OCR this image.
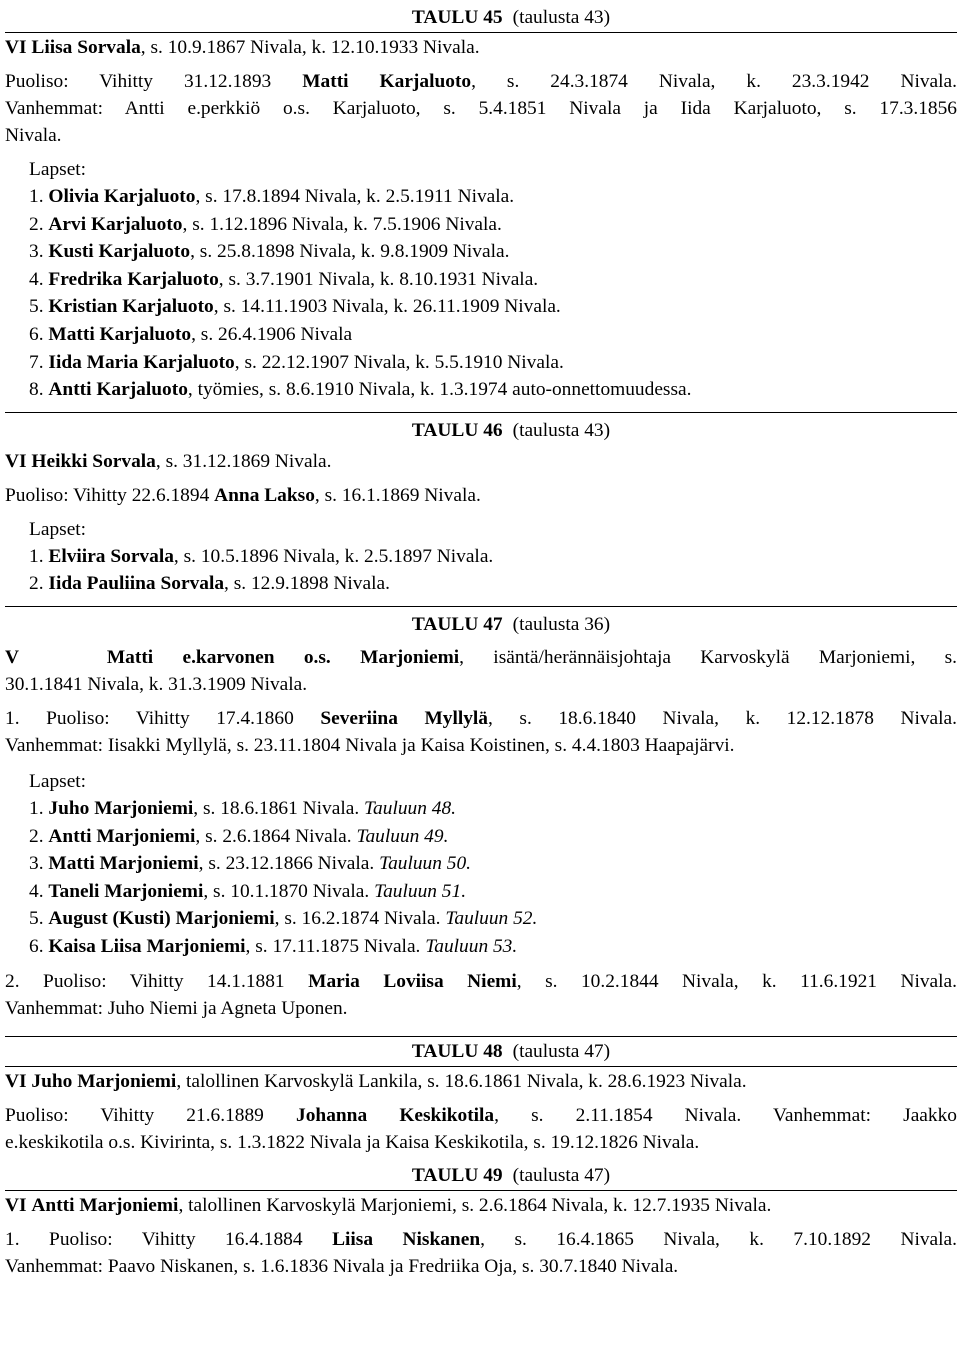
TAULU 45 (taulusta 43)

VI Liisa Sorvala, s. 10.9.1867 Nivala, k. 12.10.1933 Nivala.

Puoliso: Vihitty 31.12.1893 Matti Karjaluoto, s. 24.3.1874 Nivala, k. 23.3.1942 Nivala.

Vanhemmat: Antti e.perkkiö o.s. Karjaluoto, s. 5.4.1851 Nivala ja Iida Karjaluoto, s. 17.3.1856

Nivala.

Lapset:

1. Olivia Karjaluoto, s. 17.8.1894 Nivala, k. 2.5.1911 Nivala.
2. Arvi Karjaluoto, s. 1.12.1896 Nivala, k. 7.5.1906 Nivala.
3. Kusti Karjaluoto, s. 25.8.1898 Nivala, k. 9.8.1909 Nivala.
4. Fredrika Karjaluoto, s. 3.7.1901 Nivala, k. 8.10.1931 Nivala.
5. Kristian Karjaluoto, s. 14.11.1903 Nivala, k. 26.11.1909 Nivala.
6. Matti Karjaluoto, s. 26.4.1906 Nivala
7. Iida Maria Karjaluoto, s. 22.12.1907 Nivala, k. 5.5.1910 Nivala.
8. Antti Karjaluoto, työmies, s. 8.6.1910 Nivala, k. 1.3.1974 auto-onnettomuudessa.

TAULU 46 (taulusta 43)

VI Heikki Sorvala, s. 31.12.1869 Nivala.

Puoliso: Vihitty 22.6.1894 Anna Lakso, s. 16.1.1869 Nivala.

Lapset:

1. Elviira Sorvala, s. 10.5.1896 Nivala, k. 2.5.1897 Nivala.
2. Iida Pauliina Sorvala, s. 12.9.1898 Nivala.

TAULU 47 (taulusta 36)

V	Matti e.karvonen o.s. Marjoniemi, isäntä/herännäisjohtaja Karvoskylä Marjoniemi, s.

30.1.1841 Nivala, k. 31.3.1909 Nivala.

1. Puoliso: Vihitty 17.4.1860 Severiina Myllylä, s. 18.6.1840 Nivala, k. 12.12.1878 Nivala.

Vanhemmat: Iisakki Myllylä, s. 23.11.1804 Nivala ja Kaisa Koistinen, s. 4.4.1803 Haapajärvi.

Lapset:

1. Juho Marjoniemi, s. 18.6.1861 Nivala. Tauluun 48.
2. Antti Marjoniemi, s. 2.6.1864 Nivala. Tauluun 49.
3. Matti Marjoniemi, s. 23.12.1866 Nivala. Tauluun 50.
4. Taneli Marjoniemi, s. 10.1.1870 Nivala. Tauluun 51.
5. August (Kusti) Marjoniemi, s. 16.2.1874 Nivala. Tauluun 52.
6. Kaisa Liisa Marjoniemi, s. 17.11.1875 Nivala. Tauluun 53.

2. Puoliso: Vihitty 14.1.1881 Maria Loviisa Niemi, s. 10.2.1844 Nivala, k. 11.6.1921 Nivala.

Vanhemmat: Juho Niemi ja Agneta Uponen.

TAULU 48 (taulusta 47)

VI Juho Marjoniemi, talollinen Karvoskylä Lankila, s. 18.6.1861 Nivala, k. 28.6.1923 Nivala.

Puoliso: Vihitty 21.6.1889 Johanna Keskikotila, s. 2.11.1854 Nivala. Vanhemmat: Jaakko

e.keskikotila o.s. Kivirinta, s. 1.3.1822 Nivala ja Kaisa Keskikotila, s. 19.12.1826 Nivala.

TAULU 49 (taulusta 47)

VI Antti Marjoniemi, talollinen Karvoskylä Marjoniemi, s. 2.6.1864 Nivala, k. 12.7.1935 Nivala.

1. Puoliso: Vihitty 16.4.1884 Liisa Niskanen, s. 16.4.1865 Nivala, k. 7.10.1892 Nivala.

Vanhemmat: Paavo Niskanen, s. 1.6.1836 Nivala ja Fredriika Oja, s. 30.7.1840 Nivala.
